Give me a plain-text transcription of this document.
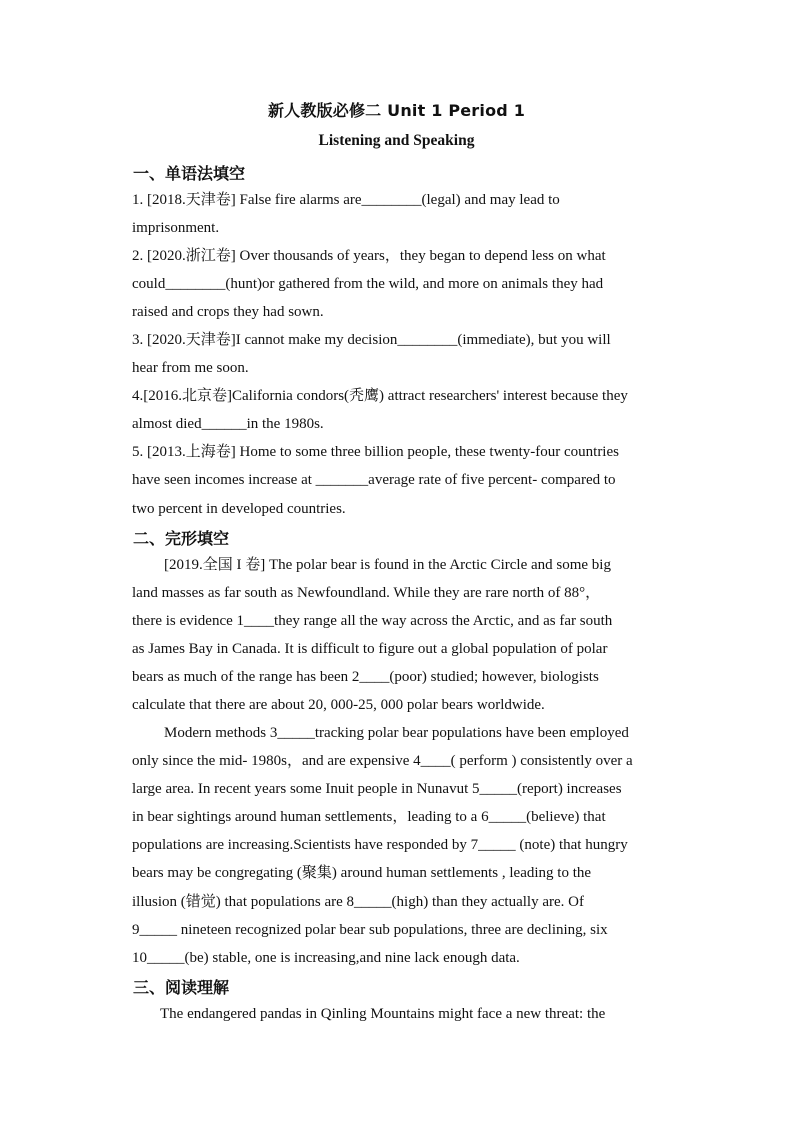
新人教版必修二 Unit 1 Period 1
Listening and Speaking
一、单语法填空
1. [2018.天津卷] False fire alarms are________(legal) and may lead to
imprisonment.
2. [2020.浙江卷] Over thousands of years，they began to depend less on what
could________(hunt)or gathered from the wild, and more on animals they had
raised and crops they had sown.
3. [2020.天津卷]I cannot make my decision________(immediate), but you will
hear from me soon.
4.[2016.北京卷]California condors(秃鹰) attract researchers' interest because they
almost died______in the 1980s.
5. [2013.上海卷] Home to some three billion people, these twenty-four countries
have seen incomes increase at _______average rate of five percent- compared to
two percent in developed countries.
二、完形填空
[2019.全国 I 卷] The polar bear is found in the Arctic Circle and some big
land masses as far south as Newfoundland. While they are rare north of 88°，
there is evidence 1____they range all the way across the Arctic, and as far south
as James Bay in Canada. It is difficult to figure out a global population of polar
bears as much of the range has been 2____(poor) studied; however, biologists
calculate that there are about 20, 000-25, 000 polar bears worldwide.
Modern methods 3_____tracking polar bear populations have been employed
only since the mid- 1980s，and are expensive 4____( perform ) consistently over a
large area. In recent years some Inuit people in Nunavut 5_____(report) increases
in bear sightings around human settlements，leading to a 6_____(believe) that
populations are increasing.Scientists have responded by 7_____ (note) that hungry
bears may be congregating (聚集) around human settlements , leading to the
illusion (错觉) that populations are 8_____(high) than they actually are. Of
9_____ nineteen recognized polar bear sub populations, three are declining, six
10_____(be) stable, one is increasing,and nine lack enough data.
三、阅读理解
The endangered pandas in Qinling Mountains might face a new threat: the
